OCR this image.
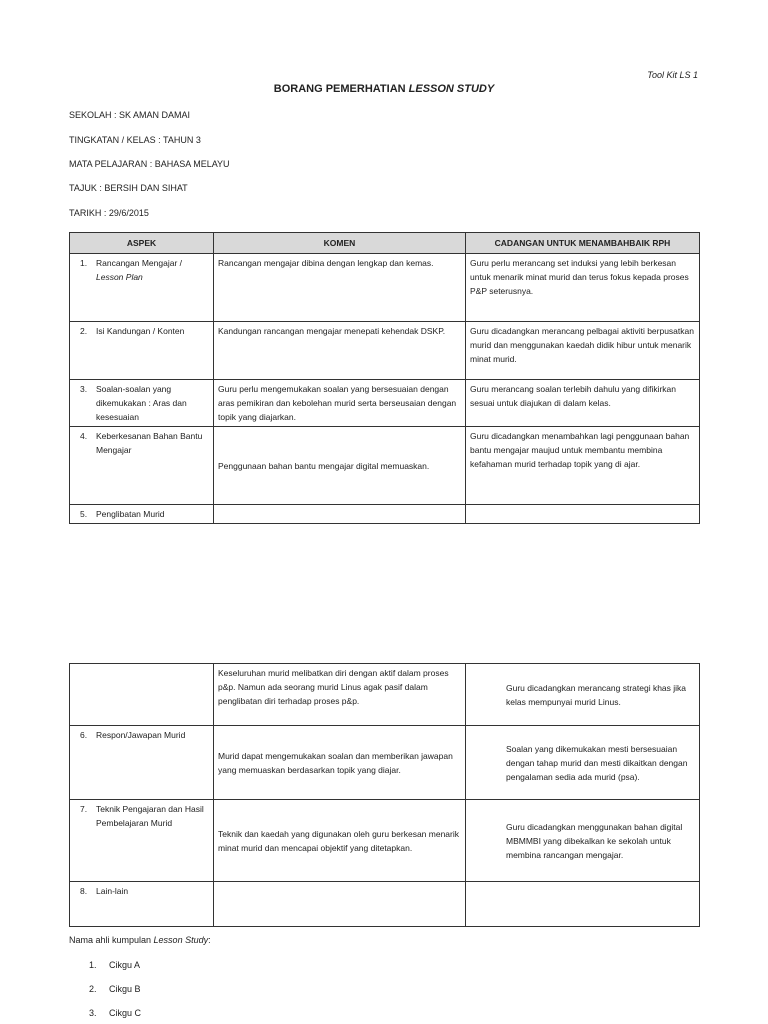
Tool Kit LS 1
BORANG PEMERHATIAN LESSON STUDY
SEKOLAH : SK AMAN DAMAI
TINGKATAN / KELAS : TAHUN 3
MATA PELAJARAN : BAHASA MELAYU
TAJUK : BERSIH DAN SIHAT
TARIKH : 29/6/2015
ASPEK	KOMEN	CADANGAN UNTUK MENAMBAHBAIK RPH

1. Rancangan Mengajar /
Lesson Plan	Rancangan mengajar dibina dengan lengkap dan kemas.	Guru perlu merancang set induksi yang lebih berkesan untuk menarik minat murid dan terus fokus kepada proses P&P seterusnya.

2. Isi Kandungan / Konten	Kandungan rancangan mengajar menepati kehendak DSKP.	Guru dicadangkan merancang pelbagai aktiviti berpusatkan murid dan menggunakan kaedah didik hibur untuk menarik minat murid.

3. Soalan-soalan yang dikemukakan : Aras dan kesesuaian	Guru perlu mengemukakan soalan yang bersesuaian dengan aras pemikiran dan kebolehan murid serta berseusaian dengan topik yang diajarkan.	Guru merancang soalan terlebih dahulu yang difikirkan sesuai untuk diajukan di dalam kelas.

4. Keberkesanan Bahan Bantu Mengajar	Penggunaan bahan bantu mengajar digital memuaskan.	Guru dicadangkan menambahkan lagi penggunaan bahan bantu mengajar maujud untuk membantu membina kefahaman murid terhadap topik yang di ajar.

5. Penglibatan Murid		

	Keseluruhan murid melibatkan diri dengan aktif dalam proses p&p. Namun ada seorang murid Linus agak pasif dalam penglibatan diri terhadap proses p&p.	Guru dicadangkan merancang strategi khas jika kelas mempunyai murid Linus.

6. Respon/Jawapan Murid	Murid dapat mengemukakan soalan dan memberikan jawapan yang memuaskan berdasarkan topik yang diajar.	Soalan yang dikemukakan mesti bersesuaian dengan tahap murid dan mesti dikaitkan dengan pengalaman sedia ada murid (psa).

7. Teknik Pengajaran dan Hasil Pembelajaran Murid	Teknik dan kaedah yang digunakan oleh guru berkesan menarik minat murid dan mencapai objektif yang ditetapkan.	Guru dicadangkan menggunakan bahan digital MBMMBI yang dibekalkan ke sekolah untuk membina rancangan mengajar.

8. Lain-lain		

Nama ahli kumpulan Lesson Study:
1. Cikgu A
2. Cikgu B
3. Cikgu C
